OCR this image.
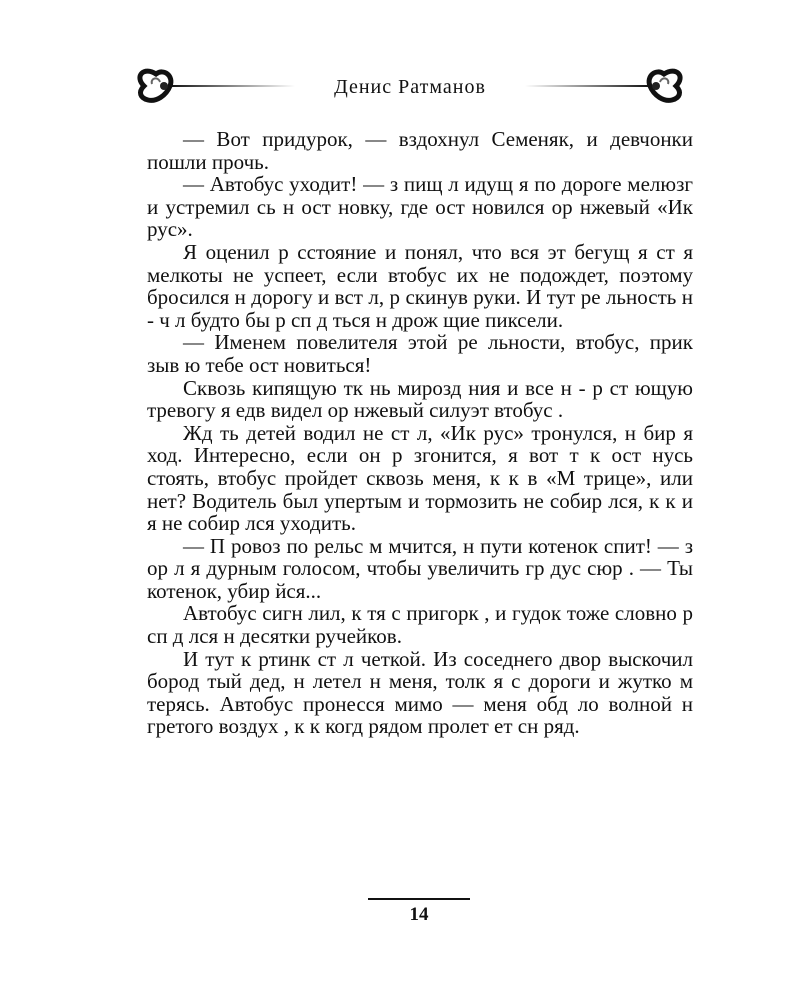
Денис Ратманов

— Вот придурок, — вздохнул Семеняк, и девчонки пошли прочь.

— Автобус уходит! — з пищ л идущ я по дороге мелюзг и устремил сь н ост новку, где ост новился ор нжевый «Ик рус».

Я оценил р сстояние и понял, что вся эт бегущ я ст я мелкоты не успеет, если втобус их не подождет, поэтому бросился н дорогу и вст л, р скинув руки. И тут ре льность н - ч л будто бы р сп д ться н дрож щие пиксели.

— Именем повелителя этой ре льности, втобус, прик зыв ю тебе ост новиться!

Сквозь кипящую тк нь мирозд ния и все н - р ст ющую тревогу я едв видел ор нжевый силуэт втобус .

Жд ть детей водил не ст л, «Ик рус» тронулся, н бир я ход. Интересно, если он р згонится, я вот т к ост нусь стоять, втобус пройдет сквозь меня, к к в «М трице», или нет? Водитель был упертым и тормозить не собир лся, к к и я не собир лся уходить.

— П ровоз по рельс м мчится, н пути котенок спит! — з ор л я дурным голосом, чтобы увеличить гр дус сюр . — Ты котенок, убир йся...

Автобус сигн лил, к тя с пригорк , и гудок тоже словно р сп д лся н десятки ручейков.

И тут к ртинк ст л четкой. Из соседнего двор выскочил бород тый дед, н летел н меня, толк я с дороги и жутко м терясь. Автобус пронесся мимо — меня обд ло волной н гретого воздух , к к когд рядом пролет ет сн ряд.

14
